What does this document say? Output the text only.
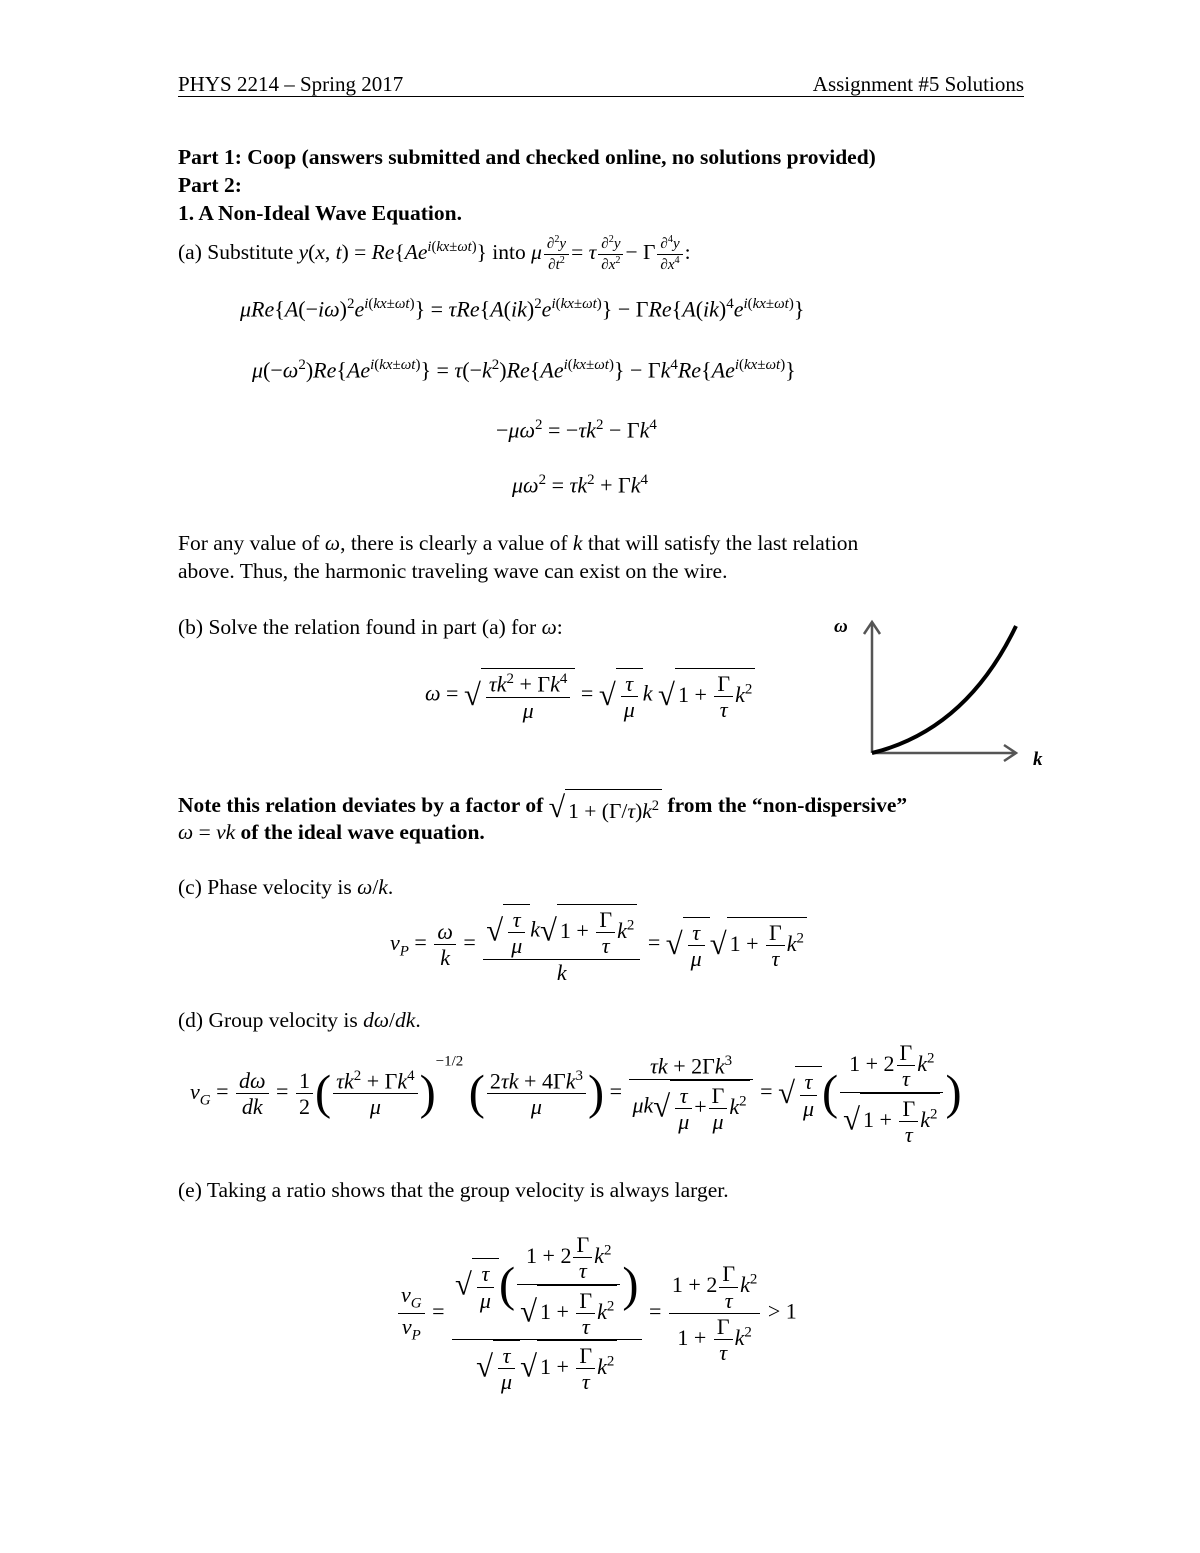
PHYS 2214 – Spring 2017	Assignment #5 Solutions
Part 1: Coop (answers submitted and checked online, no solutions provided)
Part 2:
1. A Non-Ideal Wave Equation.
(a) Substitute y(x, $t) = Re\{Ae^{i(kx\pm\omega t)}\}$ into μ $\frac{\partial^2y}{\partial t^2} = \tau \frac{\partial^2y}{\partial x^2} - \Gamma \frac{\partial^4y}{\partial x^4}$ :
$\mu Re\{A(-i\omega)^2e^{i(kx\pm\omega t)}\} = \tau Re\{A(ik)^2e^{i(kx\pm\omega t)}\} - \Gamma Re\{A(ik)^4e^{i(kx\pm\omega t)}\}$
$\mu(-\omega^2)Re\{Ae^{i(kx\pm\omega t)}\} = \tau(-k^2)Re\{Ae^{i(kx\pm\omega t)}\} - \Gamma k^4Re\{Ae^{i(kx\pm\omega t)}\}$
$-\mu\omega^2 = -\tau k^2 - \Gamma k^4$
$\mu\omega^2 = \tau k^2 + \Gamma k^4$
For any value of ω, there is clearly a value of k that will satisfy the last relation
above. Thus, the harmonic traveling wave can exist on the wire.
(b) Solve the relation found in part (a) for ω:
ω = √ $\frac{\tau k^2 + \Gamma k^4}{\mu}$ = √ $\frac{\tau}{\mu}$ k √ $1 + \frac{\Gamma}{\tau} k^2$
ω
k
Note this relation deviates by a factor of √ $1 + (\Gamma/\tau)k^2$ from the “non-dispersive”
ω = vk of the ideal wave equation.
(c) Phase velocity is ω/k.
$v_P = \frac{\omega}{k} = \frac{√ \frac{\tau}{\mu} k√ 1 + \frac{\Gamma}{\tau} k^2}{k}$ = √ $\frac{\tau}{\mu}$ √ $1 + \frac{\Gamma}{\tau} k^2$
(d) Group velocity is dω/dk.
$v_G = \frac{d\omega}{dk} = \frac{1}{2}$ ( $\frac{\tau k^2 + \Gamma k^4}{\mu} )^{-1/2}$ ( $\frac{2\tau k + 4\Gamma k^3}{\mu}$ ) = $\frac{\tau k + 2\Gamma k^3}{\mu k√ \frac{\tau}{\mu} + \frac{\Gamma}{\mu} k^2}$ = √ $\frac{\tau}{\mu}$ ( $\frac{1 + 2 \frac{\Gamma}{\tau} k^2}{√ 1 + \frac{\Gamma}{\tau} k^2}$ )
(e) Taking a ratio shows that the group velocity is always larger.
$\frac{v_G}{v_P} = \frac{√ \frac{\tau}{\mu} ( \frac{1 + 2 \frac{\Gamma}{\tau} k^2}{√ 1 + \frac{\Gamma}{\tau} k^2} )}{√ \frac{\tau}{\mu} √ 1 + \frac{\Gamma}{\tau} k^2} = \frac{1 + 2 \frac{\Gamma}{\tau} k^2}{1 + \frac{\Gamma}{\tau} k^2} > 1$
